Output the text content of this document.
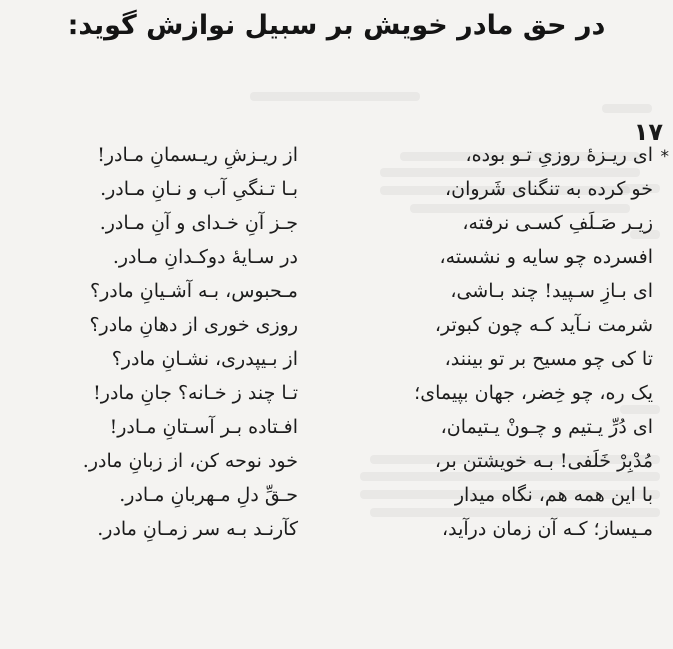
در حق مادر خویش بر سبیل نوازش گوید:
۱۷
*
ای ریـزهٔ روزیِ تـو بوده،
از ریـزشِ ریـسمانِ مـادر!
خو کرده به تنگنای شَروان،
بـا تـنگیِ آب و نـانِ مـادر.
زیـر صَـلَفِ کسـی نرفته،
جـز آنِ خـدای و آنِ مـادر.
افسرده چو سایه و نشسته،
در سـایهٔ دوکـدانِ مـادر.
ای بـازِ سـپید! چند بـاشی،
مـحبوس، بـه آشـیانِ مادر؟
شرمت نـآید کـه چون کبوتر،
روزی خوری از دهانِ مادر؟
تا کی چو مسیح بر تو بینند،
از بـیپدری، نشـانِ مادر؟
یک ره، چو خِضر، جهان بپیمای؛
تـا چند ز خـانه؟ جانِ مادر!
ای دُرِّ یـتیم و چـونْ یـتیمان،
افـتاده بـر آسـتانِ مـادر!
مُدْبِرْ خَلَفی! بـه خویشتن بر،
خود نوحه کن، از زبانِ مادر.
با این همه هم، نگاه میدار
حـقِّ دلِ مـهربانِ مـادر.
مـیساز؛ کـه آن زمان درآید،
کآرنـد بـه سر زمـانِ مادر.
